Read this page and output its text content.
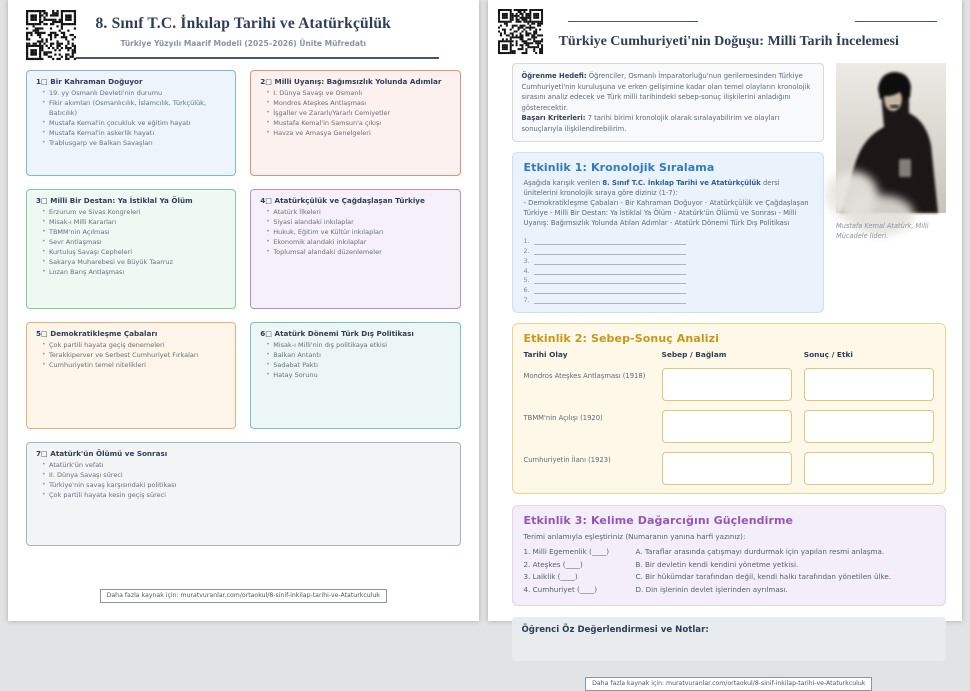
8. Sınıf T.C. İnkılap Tarihi ve Atatürkçülük

Türkiye Yüzyılı Maarif Modeli (2025–2026) Ünite Müfredatı

1□ Bir Kahraman Doğuyor
• 19. yy Osmanlı Devleti'nin durumu
• Fikir akımları (Osmanlıcılık, İslamcılık, Türkçülük, Batıcılık)
• Mustafa Kemal'in çocukluk ve eğitim hayatı
• Mustafa Kemal'in askerlik hayatı
• Trablusgarp ve Balkan Savaşları
2□ Milli Uyanış: Bağımsızlık Yolunda Adımlar
• I. Dünya Savaşı ve Osmanlı
• Mondros Ateşkes Antlaşması
• İşgaller ve Zararlı/Yararlı Cemiyetler
• Mustafa Kemal'in Samsun'a çıkışı
• Havza ve Amasya Genelgeleri
3□ Milli Bir Destan: Ya İstiklal Ya Ölüm
• Erzurum ve Sivas Kongreleri
• Misak-ı Milli Kararları
• TBMM'nin Açılması
• Sevr Antlaşması
• Kurtuluş Savaşı Cepheleri
• Sakarya Muharebesi ve Büyük Taarruz
• Lozan Barış Antlaşması
4□ Atatürkçülük ve Çağdaşlaşan Türkiye
• Atatürk İlkeleri
• Siyasi alandaki inkılaplar
• Hukuk, Eğitim ve Kültür inkılapları
• Ekonomik alandaki inkılaplar
• Toplumsal alandaki düzenlemeler
5□ Demokratikleşme Çabaları
• Çok partili hayata geçiş denemeleri
• Terakkiperver ve Serbest Cumhuriyet Fırkaları
• Cumhuriyetin temel nitelikleri
6□ Atatürk Dönemi Türk Dış Politikası
• Misak-ı Milli'nin dış politikaya etkisi
• Balkan Antantı
• Sadabat Paktı
• Hatay Sorunu
7□ Atatürk'ün Ölümü ve Sonrası
• Atatürk'ün vefatı
• II. Dünya Savaşı süreci
• Türkiye'nin savaş karşısındaki politikası
• Çok partili hayata kesin geçiş süreci
Daha fazla kaynak için: muratvuranlar.com/ortaokul/8-sinif-inkilap-tarihi-ve-Ataturkculuk
Türkiye Cumhuriyeti'nin Doğuşu: Milli Tarih İncelemesi
Öğrenme Hedefi: Öğrenciler, Osmanlı İmparatorluğu'nun gerilemesinden Türkiye Cumhuriyeti'nin kuruluşuna ve erken gelişimine kadar olan temel olayların kronolojik sırasını analiz edecek ve Türk milli tarihindeki sebep-sonuç ilişkilerini anladığını gösterecektir.
Başarı Kriterleri: 7 tarihi birimi kronolojik olarak sıralayabilirim ve olayları sonuçlarıyla ilişkilendirebilirim.
Etkinlik 1: Kronolojik Sıralama

Aşağıda karışık verilen 8. Sınıf T.C. İnkılap Tarihi ve Atatürkçülük dersi ünitelerini kronolojik sıraya göre diziniz (1-7):

- Demokratikleşme Çabaları - Bir Kahraman Doğuyor - Atatürkçülük ve Çağdaşlaşan Türkiye - Milli Bir Destan: Ya İstiklal Ya Ölüm - Atatürk'ün Ölümü ve Sonrası - Milli Uyanış: Bağımsızlık Yolunda Atılan Adımlar - Atatürk Dönemi Türk Dış Politikası

1.
2.
3.
4.
5.
6.
7.

Mustafa Kemal Atatürk, Milli Mücadele lideri.

Etkinlik 2: Sebep-Sonuç Analizi
Tarihi Olay	Sebep / Bağlam	Sonuç / Etki
Mondros Ateşkes Antlaşması (1918)
TBMM'nin Açılışı (1920)
Cumhuriyetin İlanı (1923)
Etkinlik 3: Kelime Dağarcığını Güçlendirme

Terimi anlamıyla eşleştiriniz (Numaranın yanına harfi yazınız):

1. Milli Egemenlik (____)	A. Taraflar arasında çatışmayı durdurmak için yapılan resmi anlaşma.
2. Ateşkes (____)	B. Bir devletin kendi kendini yönetme yetkisi.
3. Laiklik (____)	C. Bir hükümdar tarafından değil, kendi halkı tarafından yönetilen ülke.
4. Cumhuriyet (____)	D. Din işlerinin devlet işlerinden ayrılması.
Öğrenci Öz Değerlendirmesi ve Notlar:
Daha fazla kaynak için: muratvuranlar.com/ortaokul/8-sinif-inkilap-tarihi-ve-Ataturkculuk
